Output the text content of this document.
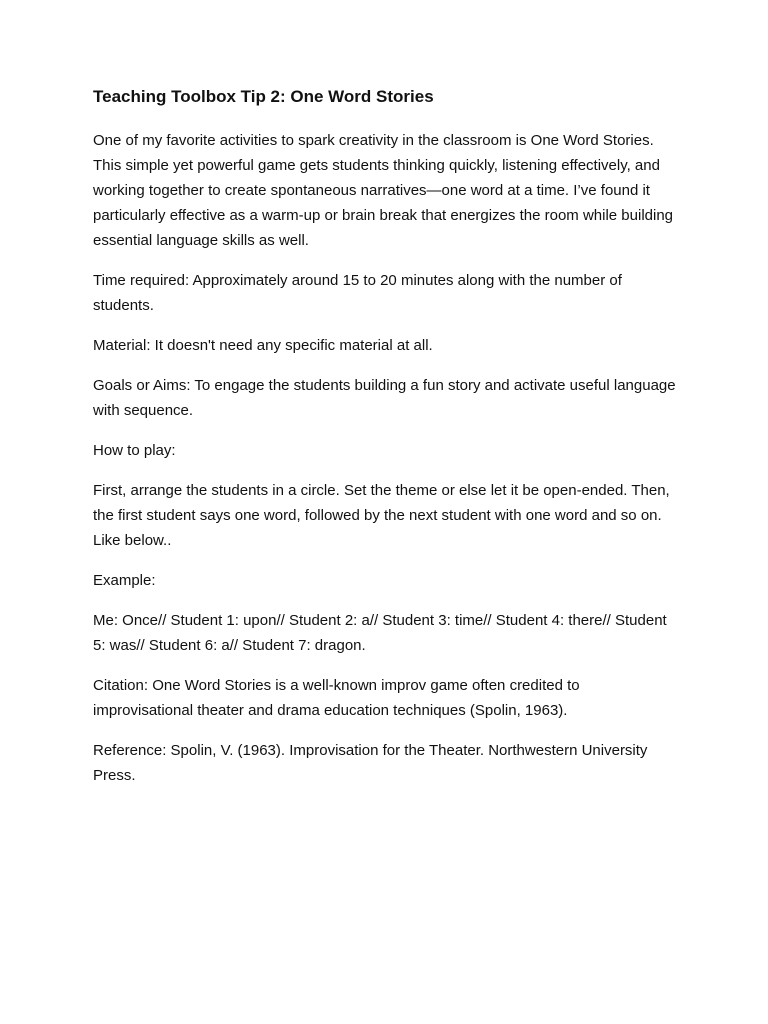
Teaching Toolbox Tip 2: One Word Stories

One of my favorite activities to spark creativity in the classroom is One Word Stories. This simple yet powerful game gets students thinking quickly, listening effectively, and working together to create spontaneous narratives—one word at a time. I’ve found it particularly effective as a warm-up or brain break that energizes the room while building essential language skills as well.

Time required: Approximately around 15 to 20 minutes along with the number of students.

Material: It doesn't need any specific material at all.

Goals or Aims: To engage the students building a fun story and activate useful language with sequence.

How to play:

First, arrange the students in a circle. Set the theme or else let it be open-ended. Then, the first student says one word, followed by the next student with one word and so on. Like below..

Example:

Me: Once// Student 1: upon// Student 2: a// Student 3: time// Student 4: there// Student 5: was// Student 6: a// Student 7: dragon.

Citation: One Word Stories is a well-known improv game often credited to improvisational theater and drama education techniques (Spolin, 1963).

Reference: Spolin, V. (1963). Improvisation for the Theater. Northwestern University Press.
